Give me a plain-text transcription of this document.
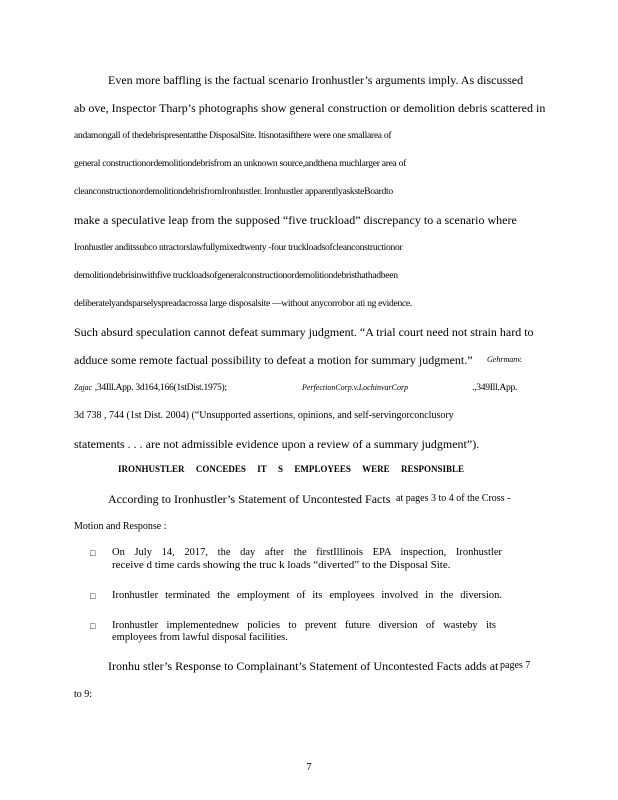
Even more baffling is the factual scenario Ironhustler’s arguments imply. As discussed
ab ove, Inspector Tharp’s photographs show general construction or demolition debris scattered in
andamongall of thedebrispresentatthe DisposalSite. Itisnotasifthere were one smallarea of
general constructionordemolitiondebrisfrom an unknown source,andthena muchlarger area of
cleanconstructionordemolitiondebrisfromIronhustler. Ironhustler apparentlyasksteBoardto
make a speculative leap from the supposed “five truckload” discrepancy to a scenario where
Ironhustler anditssubco ntractorslawfullymixedtwenty -four truckloadsofcleanconstructionor
demolitiondebrisinwithfive truckloadsofgeneralconstructionordemolitiondebristhathadbeen
deliberatelyandsparselyspreadacrossa large disposalsite —without anycorrobor ati ng evidence.
Such absurd speculation cannot defeat summary judgment. “A trial court need not strain hard to
adduce some remote factual possibility to defeat a motion for summary judgment.” Gehrmanv.
Zajac ,34Ill.App. 3d164,166(1stDist.1975);	PerfectionCorp.v.LochinvarCorp	.,349Ill.App.
3d 738 , 744 (1st Dist. 2004) (“Unsupported assertions, opinions, and self-servingorconclusory
statements . . . are not admissible evidence upon a review of a summary judgment”).
IRONHUSTLER CONCEDES IT S EMPLOYEES WERE RESPONSIBLE
According to Ironhustler’s Statement of Uncontested Facts at pages 3 to 4 of the Cross -
Motion and Response :
□ On July 14, 2017, the day after the firstIllinois EPA inspection, Ironhustler
receive d time cards showing the truc k loads “diverted” to the Disposal Site.
□ Ironhustler terminated the employment of its employees involved in the diversion.
□ Ironhustler implementednew policies to prevent future diversion of wasteby its
employees from lawful disposal facilities.
Ironhu stler’s Response to Complainant’s Statement of Uncontested Facts adds at pages 7
to 9:
7
